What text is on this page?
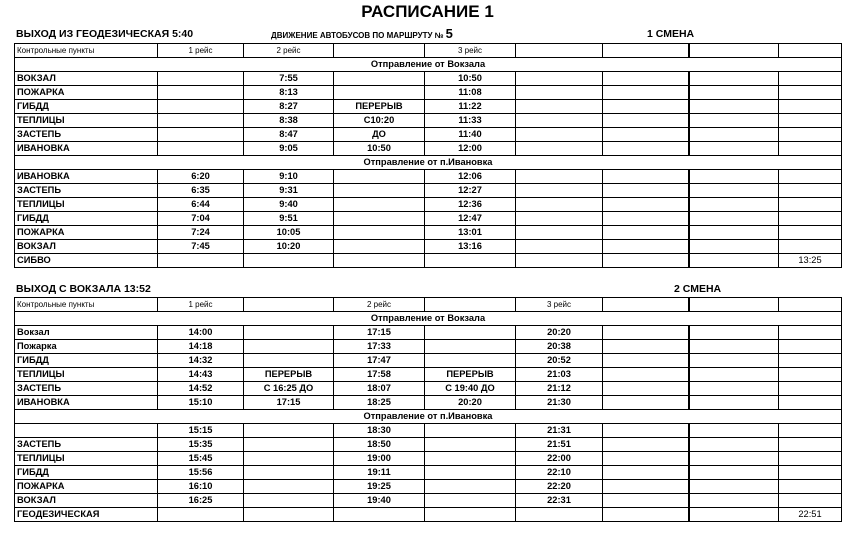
РАСПИСАНИЕ 1
ВЫХОД ИЗ ГЕОДЕЗИЧЕСКАЯ 5:40	ДВИЖЕНИЕ АВТОБУСОВ ПО МАРШРУТУ № 5	1 СМЕНА
Контрольные пункты	1 рейс	2 рейс		3 рейс					
Отправление от Вокзала								
ВОКЗАЛ		7:55		10:50					
ПОЖАРКА		8:13		11:08					
ГИБДД		8:27	ПЕРЕРЫВ	11:22					
ТЕПЛИЦЫ		8:38	С10:20	11:33					
ЗАСТЕПЬ		8:47	ДО	11:40					
ИВАНОВКА		9:05	10:50	12:00					
Отправление от п.Ивановка								
ИВАНОВКА	6:20	9:10		12:06					
ЗАСТЕПЬ	6:35	9:31		12:27					
ТЕПЛИЦЫ	6:44	9:40		12:36					
ГИБДД	7:04	9:51		12:47					
ПОЖАРКА	7:24	10:05		13:01					
ВОКЗАЛ	7:45	10:20		13:16					
СИБВО									13:25
ВЫХОД С ВОКЗАЛА 13:52	2 СМЕНА
Контрольные пункты	1 рейс		2 рейс		3 рейс				
Отправление от Вокзала								
Вокзал	14:00		17:15		20:20				
Пожарка	14:18		17:33		20:38				
ГИБДД	14:32		17:47		20:52				
ТЕПЛИЦЫ	14:43	ПЕРЕРЫВ	17:58	ПЕРЕРЫВ	21:03				
ЗАСТЕПЬ	14:52	С 16:25 ДО	18:07	С 19:40 ДО	21:12				
ИВАНОВКА	15:10	17:15	18:25	20:20	21:30				
Отправление от п.Ивановка								
	15:15		18:30		21:31				
ЗАСТЕПЬ	15:35		18:50		21:51				
ТЕПЛИЦЫ	15:45		19:00		22:00				
ГИБДД	15:56		19:11		22:10				
ПОЖАРКА	16:10		19:25		22:20				
ВОКЗАЛ	16:25		19:40		22:31				
ГЕОДЕЗИЧЕСКАЯ									22:51
